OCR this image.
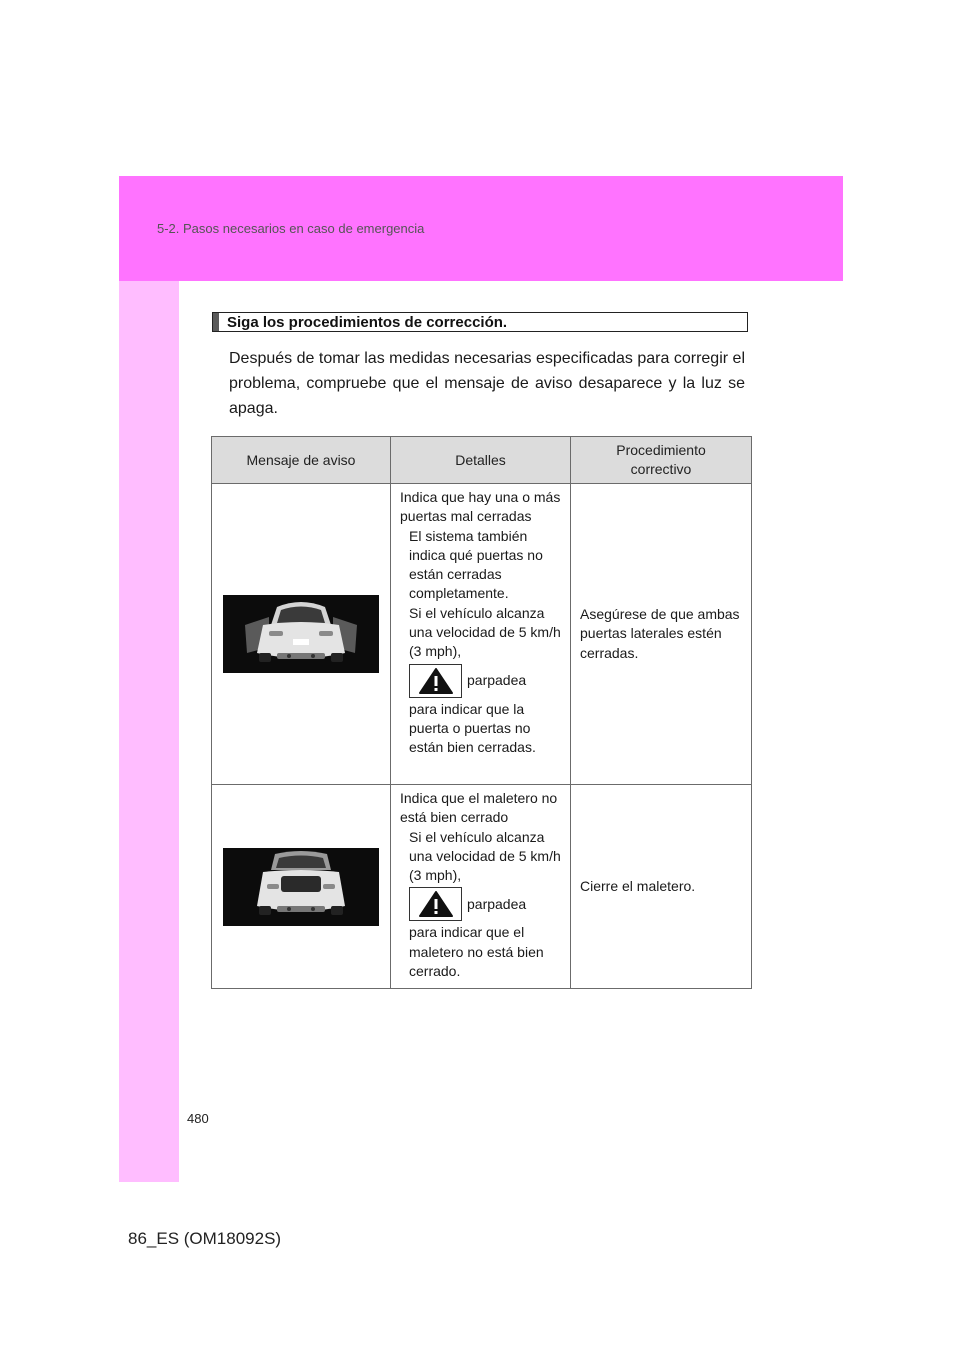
5-2. Pasos necesarios en caso de emergencia
Siga los procedimientos de corrección.
Después de tomar las medidas necesarias especificadas para corregir el problema, compruebe que el mensaje de aviso desaparece y la luz se apaga.
Mensaje de aviso	Detalles	Procedimiento correctivo

Indica que hay una o más puertas mal cerradas
El sistema también indica qué puertas no están cerradas completamente.
Si el vehículo alcanza una velocidad de 5 km/h (3 mph),
parpadea
para indicar que la puerta o puertas no están bien cerradas.	Asegúrese de que ambas puertas laterales estén cerradas.

Indica que el maletero no está bien cerrado
Si el vehículo alcanza una velocidad de 5 km/h (3 mph),
parpadea
para indicar que el maletero no está bien cerrado.	Cierre el maletero.
480
86_ES (OM18092S)
